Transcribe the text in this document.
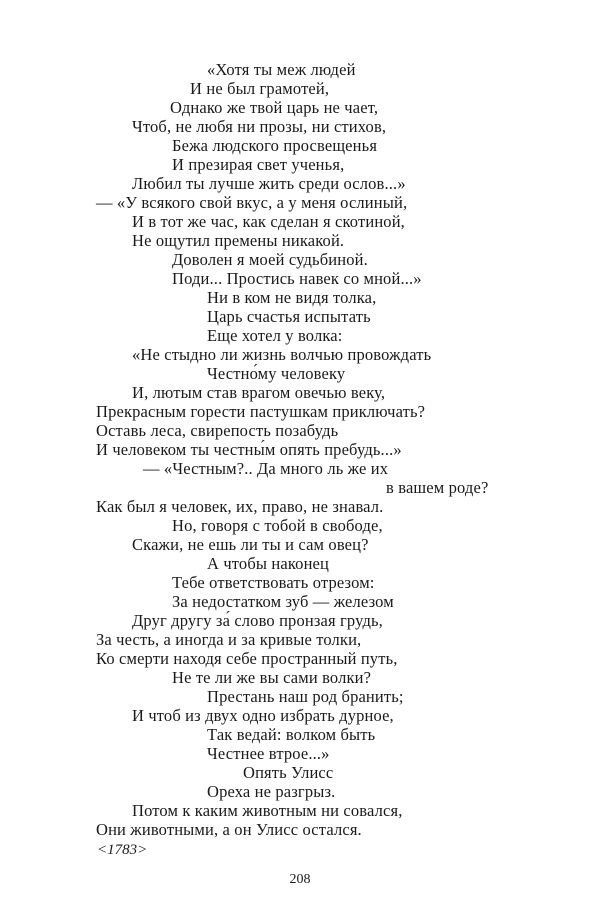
«Хотя ты меж людей
И не был грамотей,
Однако же твой царь не чает,
Чтоб, не любя ни прозы, ни стихов,
Бежа людского просвещенья
И презирая свет ученья,
Любил ты лучше жить среди ослов...»
— «У всякого свой вкус, а у меня ослиный,
И в тот же час, как сделан я скотиной,
Не ощутил премены никакой.
Доволен я моей судьбиной.
Поди... Простись навек со мной...»
Ни в ком не видя толка,
Царь счастья испытать
Еще хотел у волка:
«Не стыдно ли жизнь волчью провождать
Честно́му человеку
И, лютым став врагом овечью веку,
Прекрасным горести пастушкам приключать?
Оставь леса, свирепость позабудь
И человеком ты честны́м опять пребудь...»
— «Честным?.. Да много ль же их
в вашем роде?
Как был я человек, их, право, не знавал.
Но, говоря с тобой в свободе,
Скажи, не ешь ли ты и сам овец?
А чтобы наконец
Тебе ответствовать отрезом:
За недостатком зуб — железом
Друг другу за́ слово пронзая грудь,
За честь, а иногда и за кривые толки,
Ко смерти находя себе пространный путь,
Не те ли же вы сами волки?
Престань наш род бранить;
И чтоб из двух одно избрать дурное,
Так ведай: волком быть
Честнее втрое...»
Опять Улисс
Ореха не разгрыз.
Потом к каким животным ни совался,
Они животными, а он Улисс остался.
<1783>
208
